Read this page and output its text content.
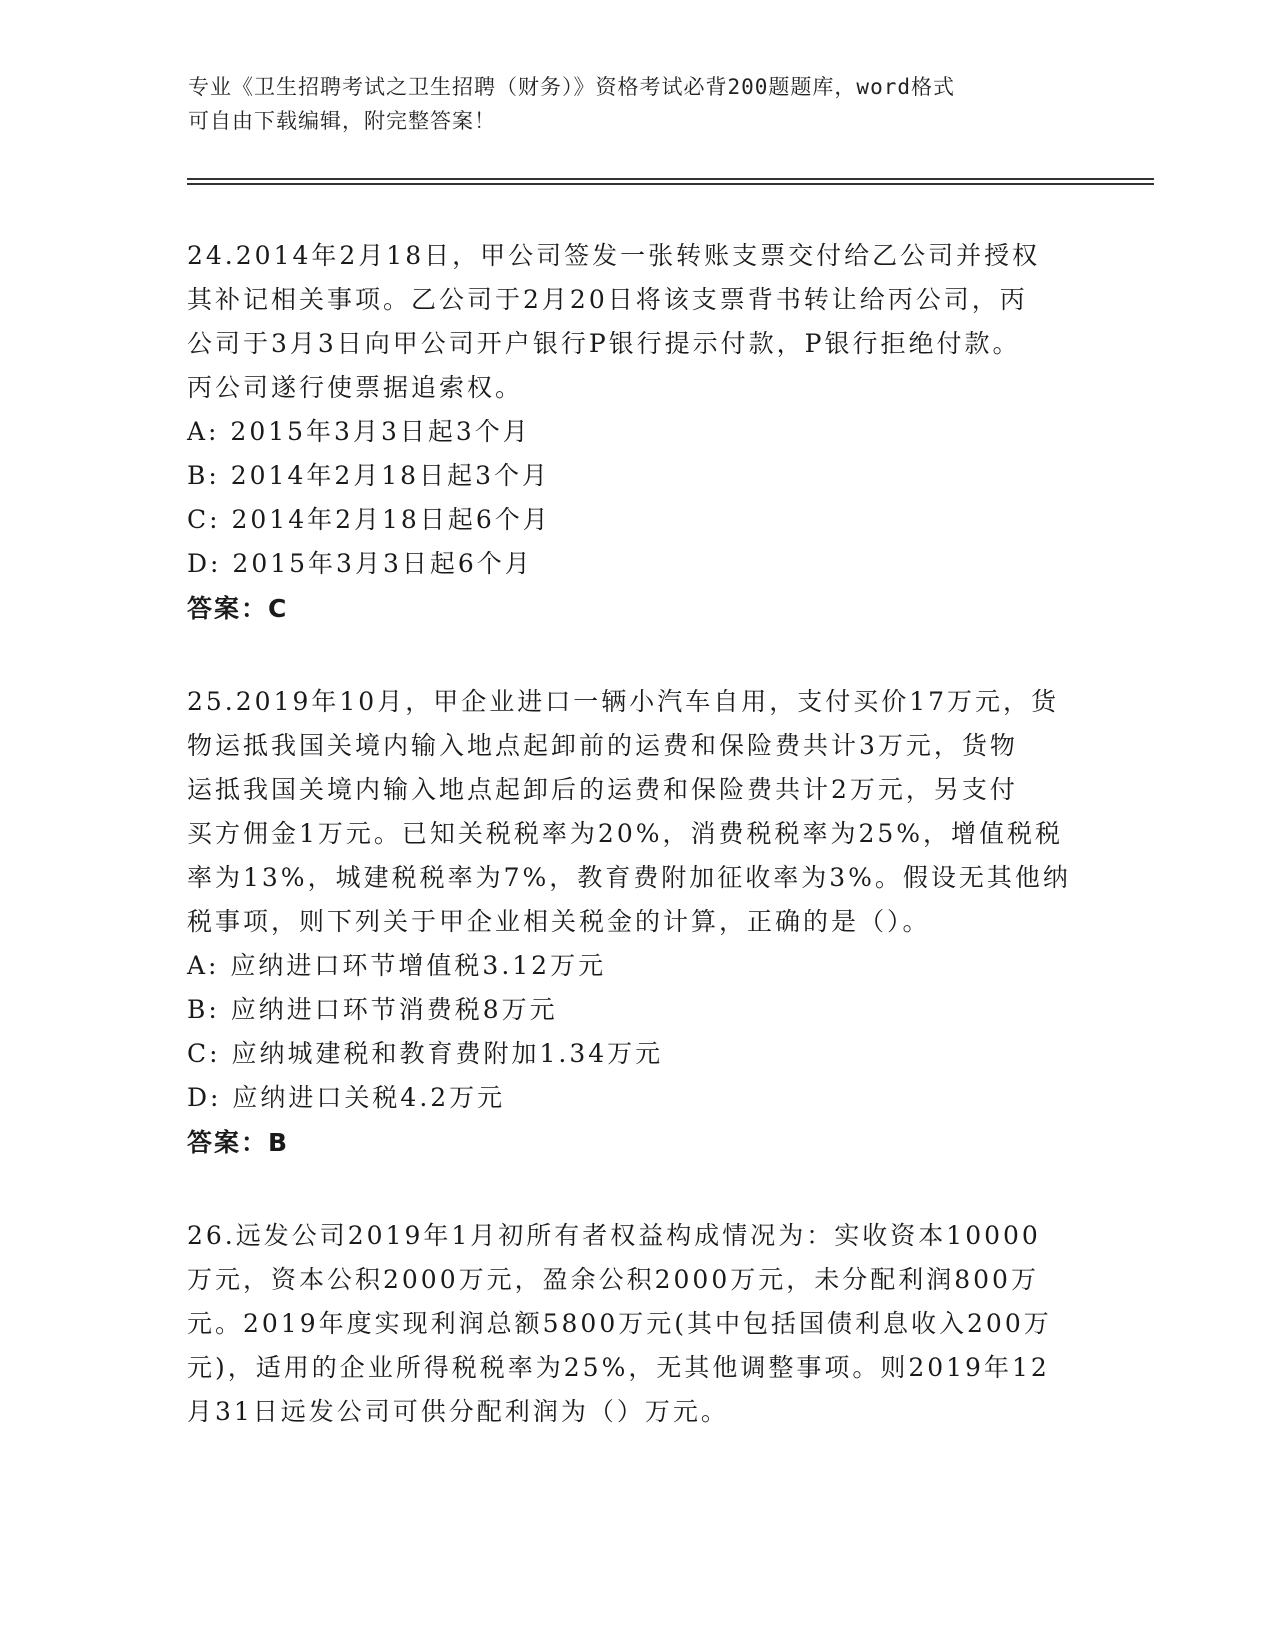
专业《卫生招聘考试之卫生招聘（财务）》资格考试必背200题题库，word格式
可自由下载编辑，附完整答案！
24.2014年2月18日，甲公司签发一张转账支票交付给乙公司并授权
其补记相关事项。乙公司于2月20日将该支票背书转让给丙公司，丙
公司于3月3日向甲公司开户银行P银行提示付款，P银行拒绝付款。
丙公司遂行使票据追索权。
A: 2015年3月3日起3个月
B: 2014年2月18日起3个月
C: 2014年2月18日起6个月
D: 2015年3月3日起6个月
答案：C
25.2019年10月，甲企业进口一辆小汽车自用，支付买价17万元，货
物运抵我国关境内输入地点起卸前的运费和保险费共计3万元，货物
运抵我国关境内输入地点起卸后的运费和保险费共计2万元，另支付
买方佣金1万元。已知关税税率为20%，消费税税率为25%，增值税税
率为13%，城建税税率为7%，教育费附加征收率为3%。假设无其他纳
税事项，则下列关于甲企业相关税金的计算，正确的是（）。
A: 应纳进口环节增值税3.12万元
B: 应纳进口环节消费税8万元
C: 应纳城建税和教育费附加1.34万元
D: 应纳进口关税4.2万元
答案：B
26.远发公司2019年1月初所有者权益构成情况为：实收资本10000
万元，资本公积2000万元，盈余公积2000万元，未分配利润800万
元。2019年度实现利润总额5800万元(其中包括国债利息收入200万
元)，适用的企业所得税税率为25%，无其他调整事项。则2019年12
月31日远发公司可供分配利润为（）万元。
